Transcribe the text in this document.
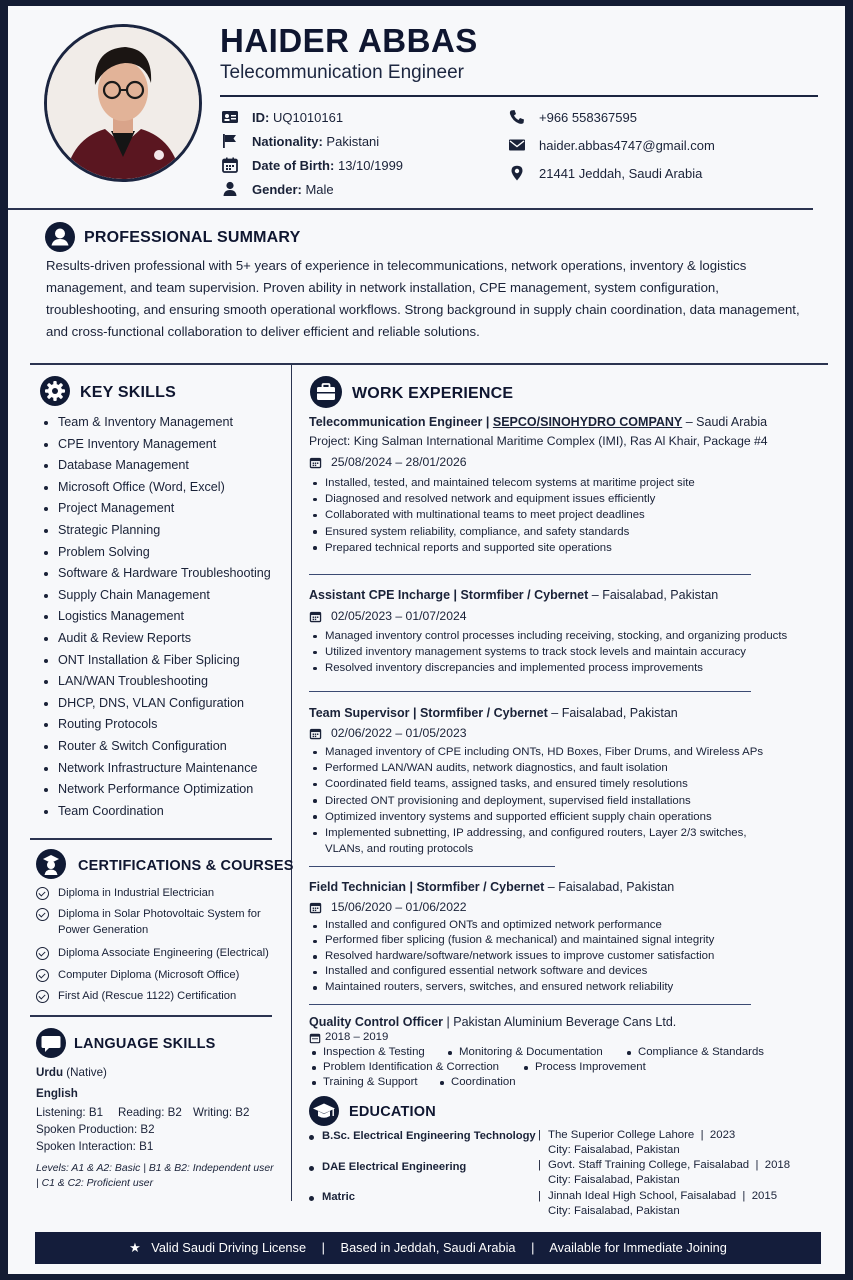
HAIDER ABBAS
Telecommunication Engineer
ID: UQ1010161
Nationality: Pakistani
Date of Birth: 13/10/1999
Gender: Male
+966 558367595
haider.abbas4747@gmail.com
21441 Jeddah, Saudi Arabia
PROFESSIONAL SUMMARY
Results-driven professional with 5+ years of experience in telecommunications, network operations, inventory & logistics management, and team supervision. Proven ability in network installation, CPE management, system configuration, troubleshooting, and ensuring smooth operational workflows. Strong background in supply chain coordination, data management, and cross-functional collaboration to deliver efficient and reliable solutions.
KEY SKILLS
Team & Inventory Management
CPE Inventory Management
Database Management
Microsoft Office (Word, Excel)
Project Management
Strategic Planning
Problem Solving
Software & Hardware Troubleshooting
Supply Chain Management
Logistics Management
Audit & Review Reports
ONT Installation & Fiber Splicing
LAN/WAN Troubleshooting
DHCP, DNS, VLAN Configuration
Routing Protocols
Router & Switch Configuration
Network Infrastructure Maintenance
Network Performance Optimization
Team Coordination
CERTIFICATIONS & COURSES
Diploma in Industrial Electrician
Diploma in Solar Photovoltaic System for Power Generation
Diploma Associate Engineering (Electrical)
Computer Diploma (Microsoft Office)
First Aid (Rescue 1122) Certification
LANGUAGE SKILLS
Urdu (Native)
English
Listening: B1 Reading: B2 Writing: B2
Spoken Production: B2
Spoken Interaction: B1
Levels: A1 & A2: Basic | B1 & B2: Independent user | C1 & C2: Proficient user
WORK EXPERIENCE
Telecommunication Engineer | SEPCO/SINOHYDRO COMPANY – Saudi Arabia
Project: King Salman International Maritime Complex (IMI), Ras Al Khair, Package #4
25/08/2024 – 28/01/2026
Installed, tested, and maintained telecom systems at maritime project site
Diagnosed and resolved network and equipment issues efficiently
Collaborated with multinational teams to meet project deadlines
Ensured system reliability, compliance, and safety standards
Prepared technical reports and supported site operations
Assistant CPE Incharge | Stormfiber / Cybernet – Faisalabad, Pakistan
02/05/2023 – 01/07/2024
Managed inventory control processes including receiving, stocking, and organizing products
Utilized inventory management systems to track stock levels and maintain accuracy
Resolved inventory discrepancies and implemented process improvements
Team Supervisor | Stormfiber / Cybernet – Faisalabad, Pakistan
02/06/2022 – 01/05/2023
Managed inventory of CPE including ONTs, HD Boxes, Fiber Drums, and Wireless APs
Performed LAN/WAN audits, network diagnostics, and fault isolation
Coordinated field teams, assigned tasks, and ensured timely resolutions
Directed ONT provisioning and deployment, supervised field installations
Optimized inventory systems and supported efficient supply chain operations
Implemented subnetting, IP addressing, and configured routers, Layer 2/3 switches, VLANs, and routing protocols
Field Technician | Stormfiber / Cybernet – Faisalabad, Pakistan
15/06/2020 – 01/06/2022
Installed and configured ONTs and optimized network performance
Performed fiber splicing (fusion & mechanical) and maintained signal integrity
Resolved hardware/software/network issues to improve customer satisfaction
Installed and configured essential network software and devices
Maintained routers, servers, switches, and ensured network reliability
Quality Control Officer | Pakistan Aluminium Beverage Cans Ltd.
2018 – 2019
Inspection & Testing	Monitoring & Documentation	Compliance & Standards
Problem Identification & Correction	Process Improvement
Training & Support	Coordination
EDUCATION
B.Sc. Electrical Engineering Technology | The Superior College Lahore  |  2023
City: Faisalabad, Pakistan
DAE Electrical Engineering	| Govt. Staff Training College, Faisalabad  |  2018
City: Faisalabad, Pakistan
Matric	| Jinnah Ideal High School, Faisalabad  |  2015
City: Faisalabad, Pakistan
★ Valid Saudi Driving License | Based in Jeddah, Saudi Arabia | Available for Immediate Joining
